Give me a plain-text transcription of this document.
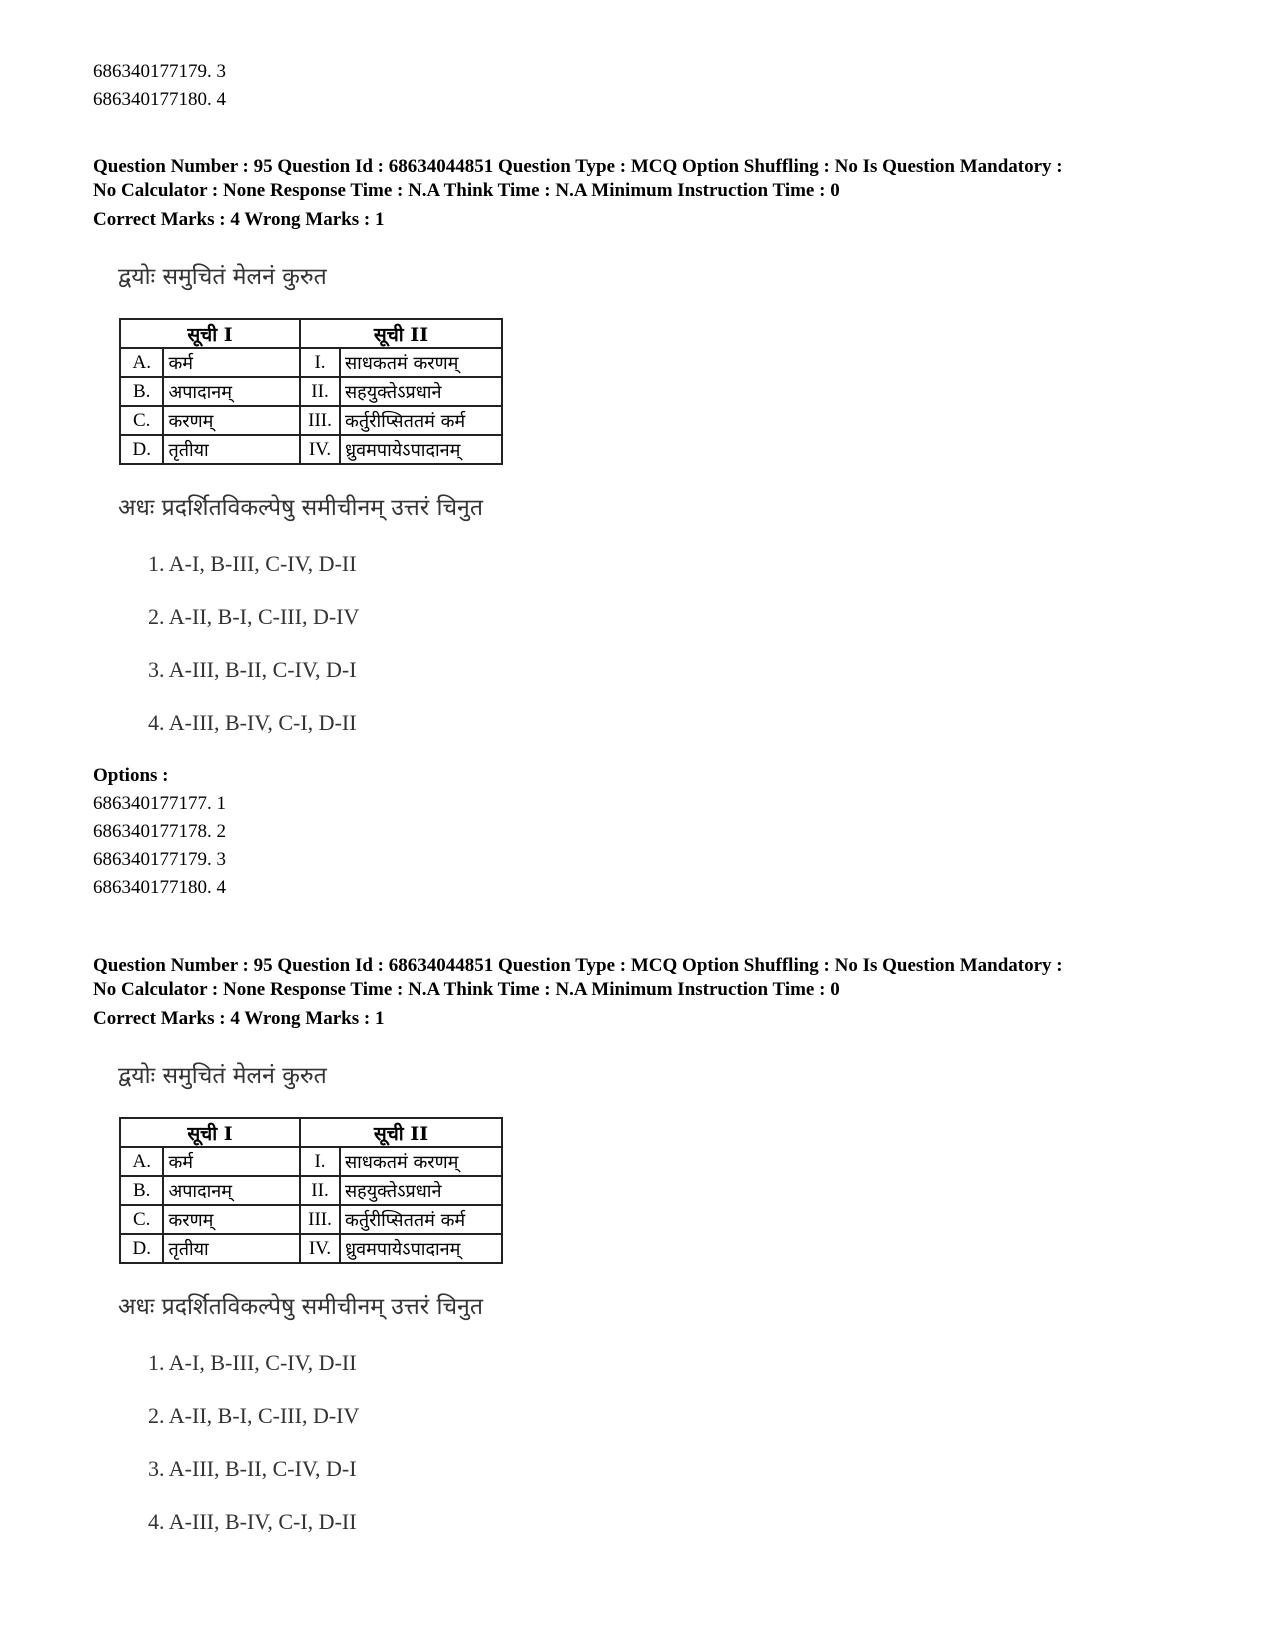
686340177179. 3
686340177180. 4
Question Number : 95 Question Id : 68634044851 Question Type : MCQ Option Shuffling : No Is Question Mandatory :
No Calculator : None Response Time : N.A Think Time : N.A Minimum Instruction Time : 0
Correct Marks : 4 Wrong Marks : 1
द्वयोः समुचितं मेलनं कुरुत
सूची I		सूची II	
A.	कर्म	I.	साधकतमं करणम्
B.	अपादानम्	II.	सहयुक्तेऽप्रधाने
C.	करणम्	III.	कर्तुरीप्सिततमं कर्म
D.	तृतीया	IV.	ध्रुवमपायेऽपादानम्
अधः प्रदर्शितविकल्पेषु समीचीनम् उत्तरं चिनुत
1. A-I, B-III, C-IV, D-II
2. A-II, B-I, C-III, D-IV
3. A-III, B-II, C-IV, D-I
4. A-III, B-IV, C-I, D-II
Options :
686340177177. 1
686340177178. 2
686340177179. 3
686340177180. 4
Question Number : 95 Question Id : 68634044851 Question Type : MCQ Option Shuffling : No Is Question Mandatory :
No Calculator : None Response Time : N.A Think Time : N.A Minimum Instruction Time : 0
Correct Marks : 4 Wrong Marks : 1
द्वयोः समुचितं मेलनं कुरुत
सूची I		सूची II	
A.	कर्म	I.	साधकतमं करणम्
B.	अपादानम्	II.	सहयुक्तेऽप्रधाने
C.	करणम्	III.	कर्तुरीप्सिततमं कर्म
D.	तृतीया	IV.	ध्रुवमपायेऽपादानम्
अधः प्रदर्शितविकल्पेषु समीचीनम् उत्तरं चिनुत
1. A-I, B-III, C-IV, D-II
2. A-II, B-I, C-III, D-IV
3. A-III, B-II, C-IV, D-I
4. A-III, B-IV, C-I, D-II
